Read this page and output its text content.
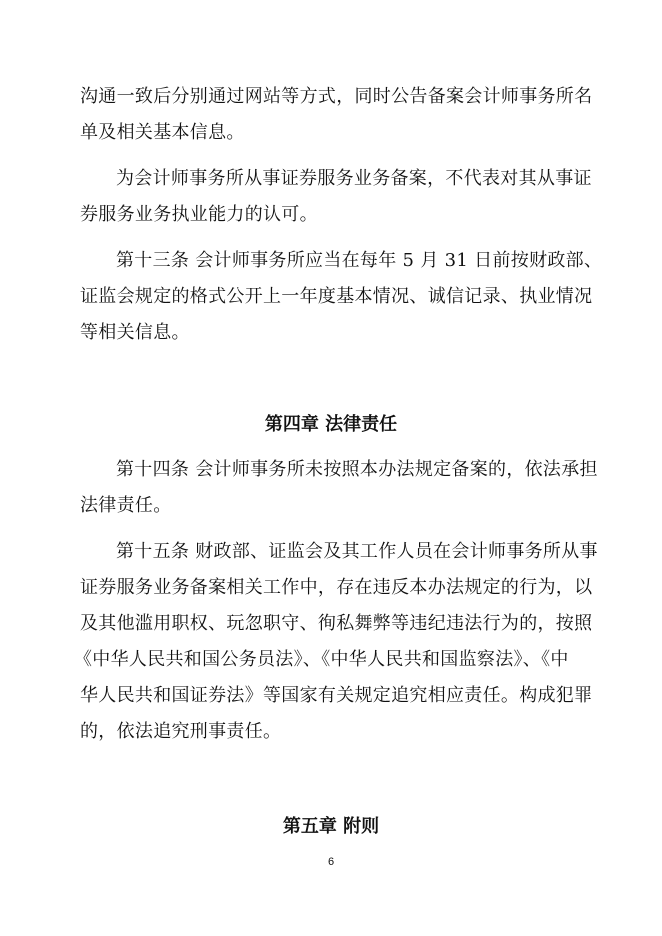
沟通一致后分别通过网站等方式，同时公告备案会计师事务所名
单及相关基本信息。
为会计师事务所从事证券服务业务备案，不代表对其从事证
券服务业务执业能力的认可。
第十三条 会计师事务所应当在每年 5 月 31 日前按财政部、
证监会规定的格式公开上一年度基本情况、诚信记录、执业情况
等相关信息。
第四章 法律责任
第十四条 会计师事务所未按照本办法规定备案的，依法承担
法律责任。
第十五条 财政部、证监会及其工作人员在会计师事务所从事
证券服务业务备案相关工作中，存在违反本办法规定的行为，以
及其他滥用职权、玩忽职守、徇私舞弊等违纪违法行为的，按照
《中华人民共和国公务员法》、《中华人民共和国监察法》、《中
华人民共和国证券法》等国家有关规定追究相应责任。构成犯罪
的，依法追究刑事责任。
第五章 附则
6
